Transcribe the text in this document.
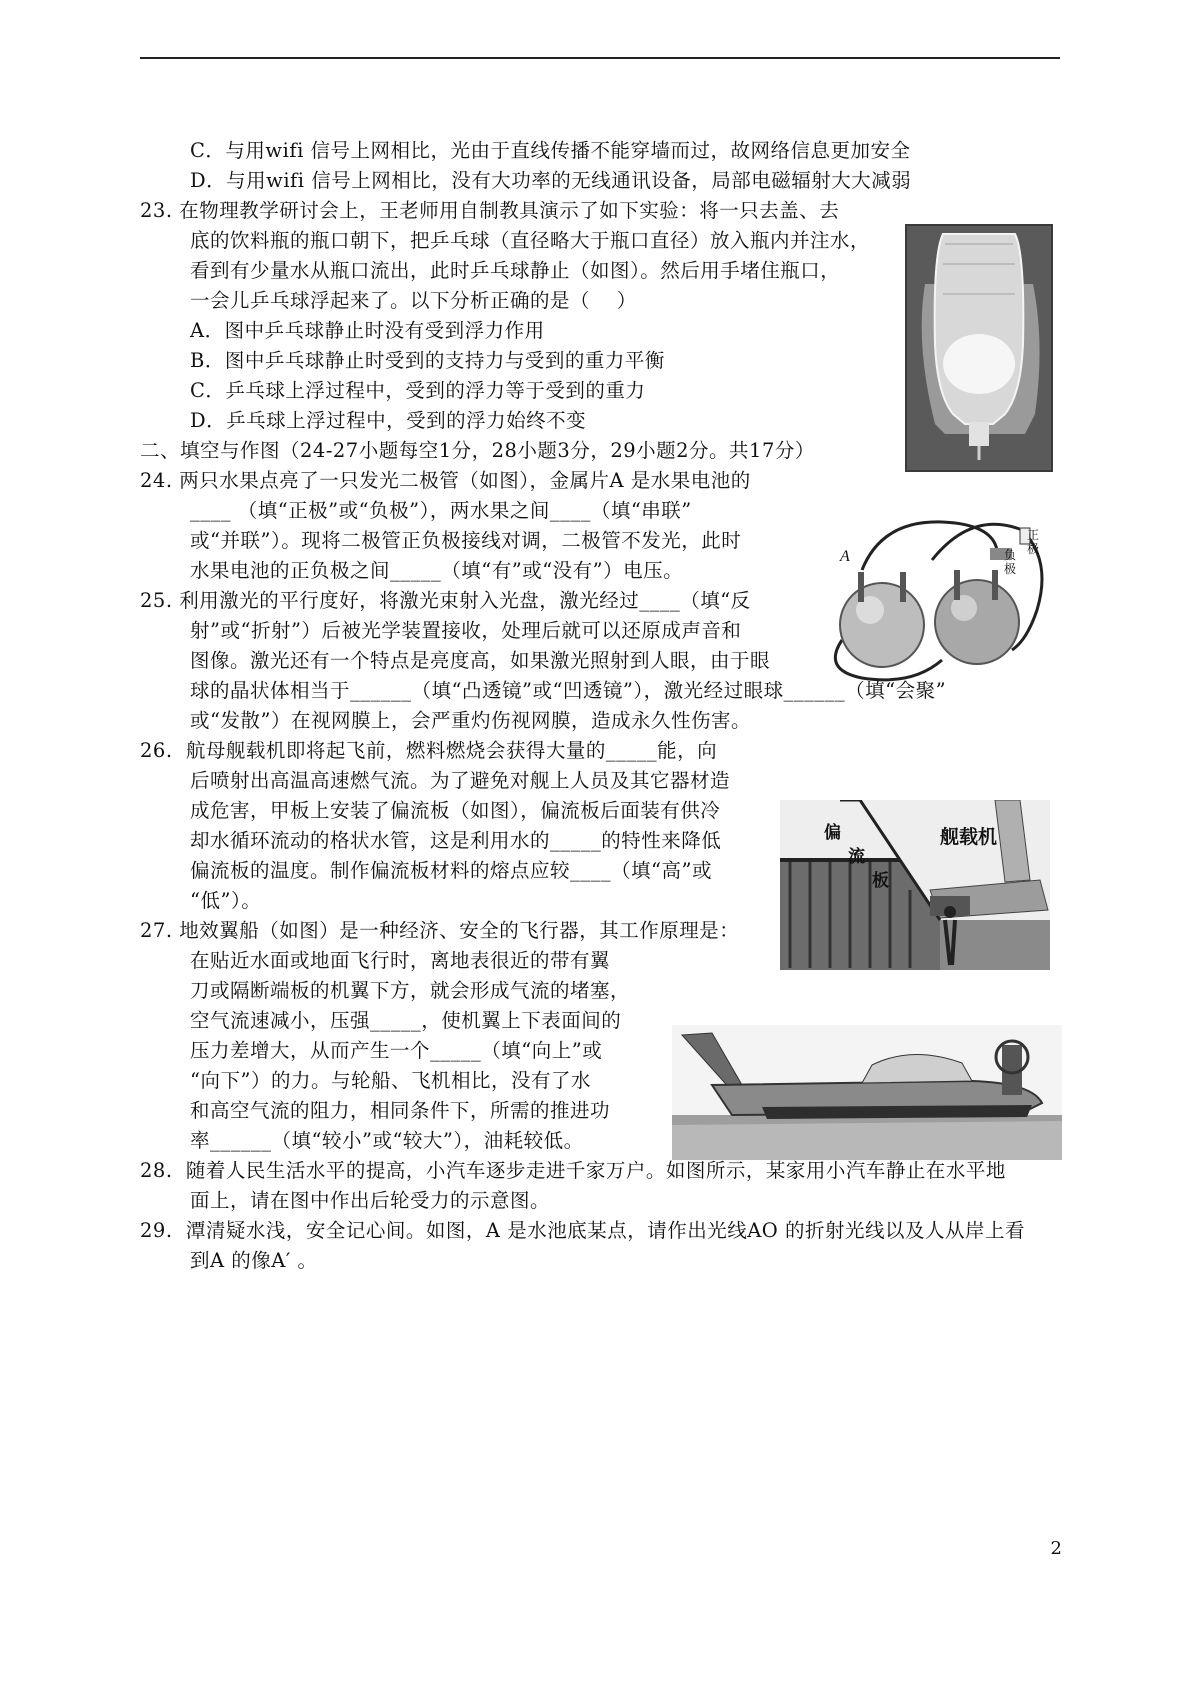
C．与用wifi 信号上网相比，光由于直线传播不能穿墙而过，故网络信息更加安全
D．与用wifi 信号上网相比，没有大功率的无线通讯设备，局部电磁辐射大大减弱
23. 在物理教学研讨会上，王老师用自制教具演示了如下实验：将一只去盖、去
底的饮料瓶的瓶口朝下，把乒乓球（直径略大于瓶口直径）放入瓶内并注水，
看到有少量水从瓶口流出，此时乒乓球静止（如图）。然后用手堵住瓶口，
一会儿乒乓球浮起来了。以下分析正确的是（    ）
A．图中乒乓球静止时没有受到浮力作用
B．图中乒乓球静止时受到的支持力与受到的重力平衡
C．乒乓球上浮过程中，受到的浮力等于受到的重力
D．乒乓球上浮过程中，受到的浮力始终不变
二、填空与作图（24-27小题每空1分，28小题3分，29小题2分。共17分）
24. 两只水果点亮了一只发光二极管（如图），金属片A 是水果电池的
____ （填“正极”或“负极”），两水果之间____（填“串联”
或“并联”）。现将二极管正负极接线对调，二极管不发光，此时
水果电池的正负极之间_____（填“有”或“没有”）电压。
A	负极
正极
25. 利用激光的平行度好，将激光束射入光盘，激光经过____（填“反
射”或“折射”）后被光学装置接收，处理后就可以还原成声音和
图像。激光还有一个特点是亮度高，如果激光照射到人眼，由于眼
球的晶状体相当于______（填“凸透镜”或“凹透镜”），激光经过眼球______（填“会聚”
或“发散”）在视网膜上，会严重灼伤视网膜，造成永久性伤害。
26.  航母舰载机即将起飞前，燃料燃烧会获得大量的_____能，向
后喷射出高温高速燃气流。为了避免对舰上人员及其它器材造
成危害，甲板上安装了偏流板（如图），偏流板后面装有供冷
却水循环流动的格状水管，这是利用水的_____的特性来降低
偏流板的温度。制作偏流板材料的熔点应较____（填“高”或
“低”）。
舰载机
偏
流
板
27. 地效翼船（如图）是一种经济、安全的飞行器，其工作原理是：
在贴近水面或地面飞行时，离地表很近的带有翼
刀或隔断端板的机翼下方，就会形成气流的堵塞，
空气流速减小，压强_____，使机翼上下表面间的
压力差增大，从而产生一个_____（填“向上”或
“向下”）的力。与轮船、飞机相比，没有了水
和高空气流的阻力，相同条件下，所需的推进功
率______（填“较小”或“较大”），油耗较低。
28.  随着人民生活水平的提高，小汽车逐步走进千家万户。如图所示，某家用小汽车静止在水平地
面上，请在图中作出后轮受力的示意图。
29.  潭清疑水浅，安全记心间。如图，A 是水池底某点，请作出光线AO 的折射光线以及人从岸上看
到A 的像A′ 。
2
